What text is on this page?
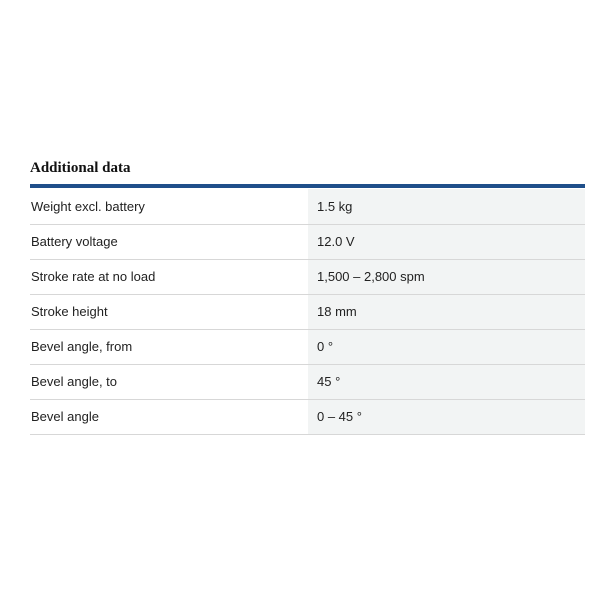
Additional data
Weight excl. battery	1.5 kg
Battery voltage	12.0 V
Stroke rate at no load	1,500 – 2,800 spm
Stroke height	18 mm
Bevel angle, from	0 °
Bevel angle, to	45 °
Bevel angle	0 – 45 °
